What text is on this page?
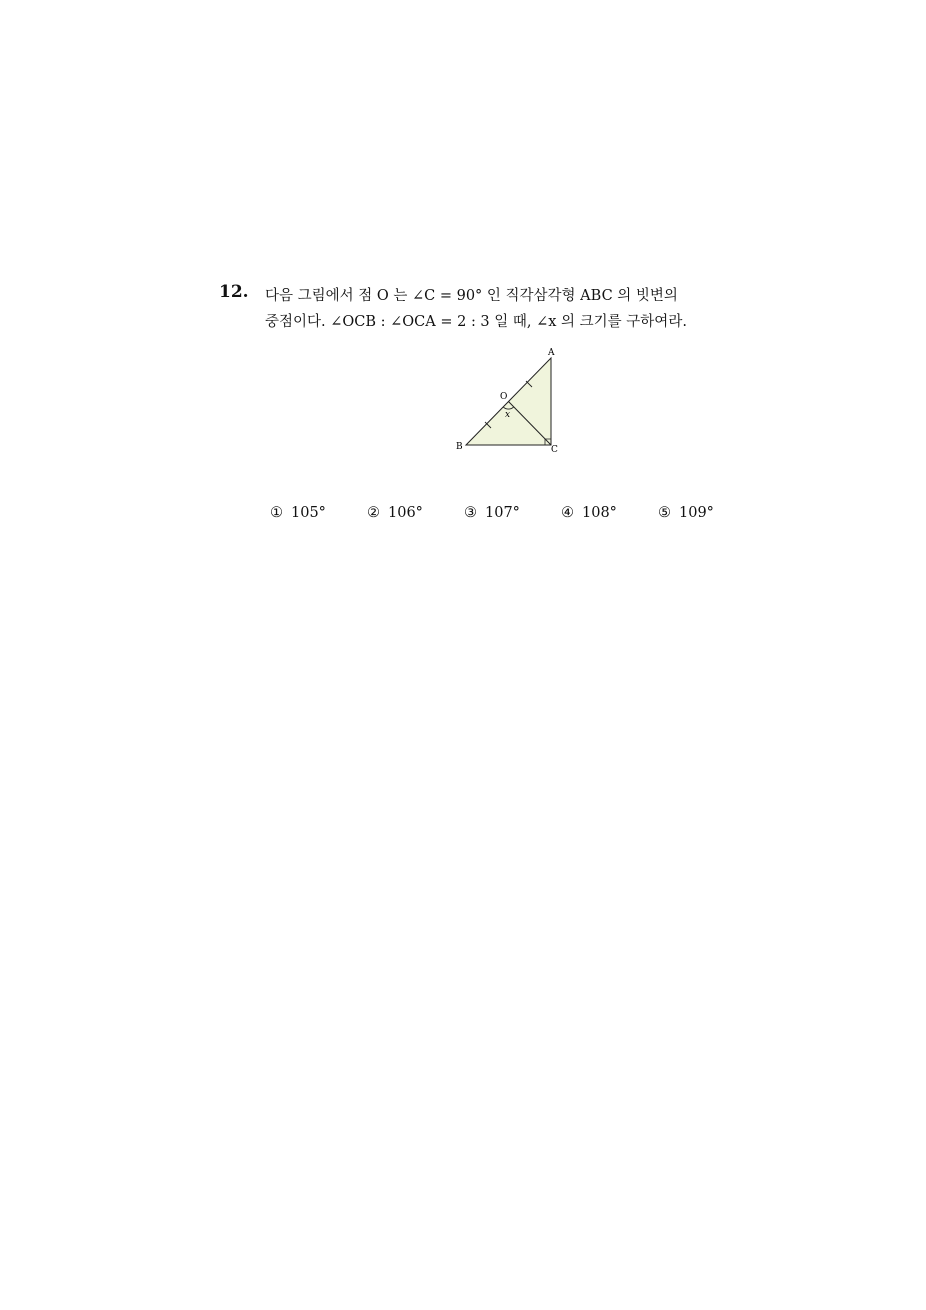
12. 다음 그림에서 점 O 는 ∠C = 90° 인 직각삼각형 ABC 의 빗변의
중점이다. ∠OCB : ∠OCA = 2 : 3 일 때, ∠x 의 크기를 구하여라.
A
B	C
O
x
① 105°	② 106°	③ 107°	④ 108°	⑤ 109°
